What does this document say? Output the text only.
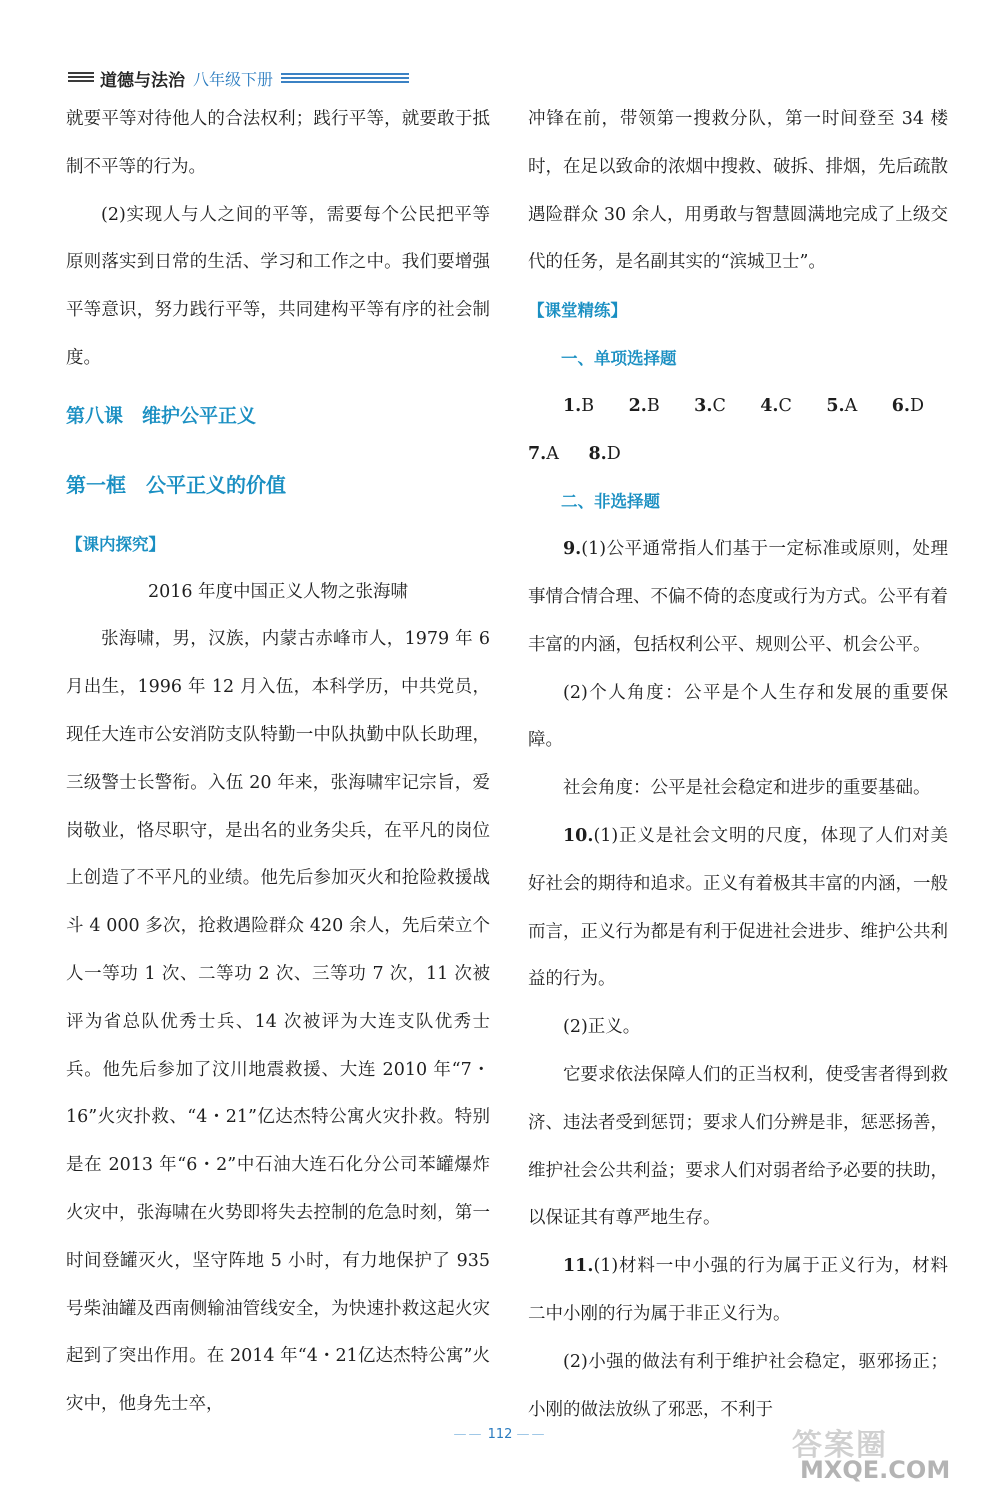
道德与法治 八年级下册

就要平等对待他人的合法权利；践行平等，就要敢于抵制不平等的行为。

(2)实现人与人之间的平等，需要每个公民把平等原则落实到日常的生活、学习和工作之中。我们要增强平等意识，努力践行平等，共同建构平等有序的社会制度。

第八课　维护公平正义

第一框　公平正义的价值

【课内探究】

2016 年度中国正义人物之张海啸

张海啸，男，汉族，内蒙古赤峰市人，1979 年 6 月出生，1996 年 12 月入伍，本科学历，中共党员，现任大连市公安消防支队特勤一中队执勤中队长助理，三级警士长警衔。入伍 20 年来，张海啸牢记宗旨，爱岗敬业，恪尽职守，是出名的业务尖兵，在平凡的岗位上创造了不平凡的业绩。他先后参加灭火和抢险救援战斗 4 000 多次，抢救遇险群众 420 余人，先后荣立个人一等功 1 次、二等功 2 次、三等功 7 次，11 次被评为省总队优秀士兵、14 次被评为大连支队优秀士兵。他先后参加了汶川地震救援、大连 2010 年“7・16”火灾扑救、“4・21”亿达杰特公寓火灾扑救。特别是在 2013 年“6・2”中石油大连石化分公司苯罐爆炸火灾中，张海啸在火势即将失去控制的危急时刻，第一时间登罐灭火，坚守阵地 5 小时，有力地保护了 935 号柴油罐及西南侧输油管线安全，为快速扑救这起火灾起到了突出作用。在 2014 年“4・21亿达杰特公寓”火灾中，他身先士卒，

冲锋在前，带领第一搜救分队，第一时间登至 34 楼时，在足以致命的浓烟中搜救、破拆、排烟，先后疏散遇险群众 30 余人，用勇敢与智慧圆满地完成了上级交代的任务，是名副其实的“滨城卫士”。

【课堂精练】

一、单项选择题

1.B 2.B 3.C 4.C 5.A 6.D 7.A 8.D

二、非选择题

9.(1)公平通常指人们基于一定标准或原则，处理事情合情合理、不偏不倚的态度或行为方式。公平有着丰富的内涵，包括权利公平、规则公平、机会公平。

(2)个人角度：公平是个人生存和发展的重要保障。

社会角度：公平是社会稳定和进步的重要基础。

10.(1)正义是社会文明的尺度，体现了人们对美好社会的期待和追求。正义有着极其丰富的内涵，一般而言，正义行为都是有利于促进社会进步、维护公共利益的行为。

(2)正义。

它要求依法保障人们的正当权利，使受害者得到救济、违法者受到惩罚；要求人们分辨是非，惩恶扬善，维护社会公共利益；要求人们对弱者给予必要的扶助，以保证其有尊严地生存。

11.(1)材料一中小强的行为属于正义行为，材料二中小刚的行为属于非正义行为。

(2)小强的做法有利于维护社会稳定，驱邪扬正；小刚的做法放纵了邪恶，不利于

—— 112 ——	答案圈
MXQE.COM
